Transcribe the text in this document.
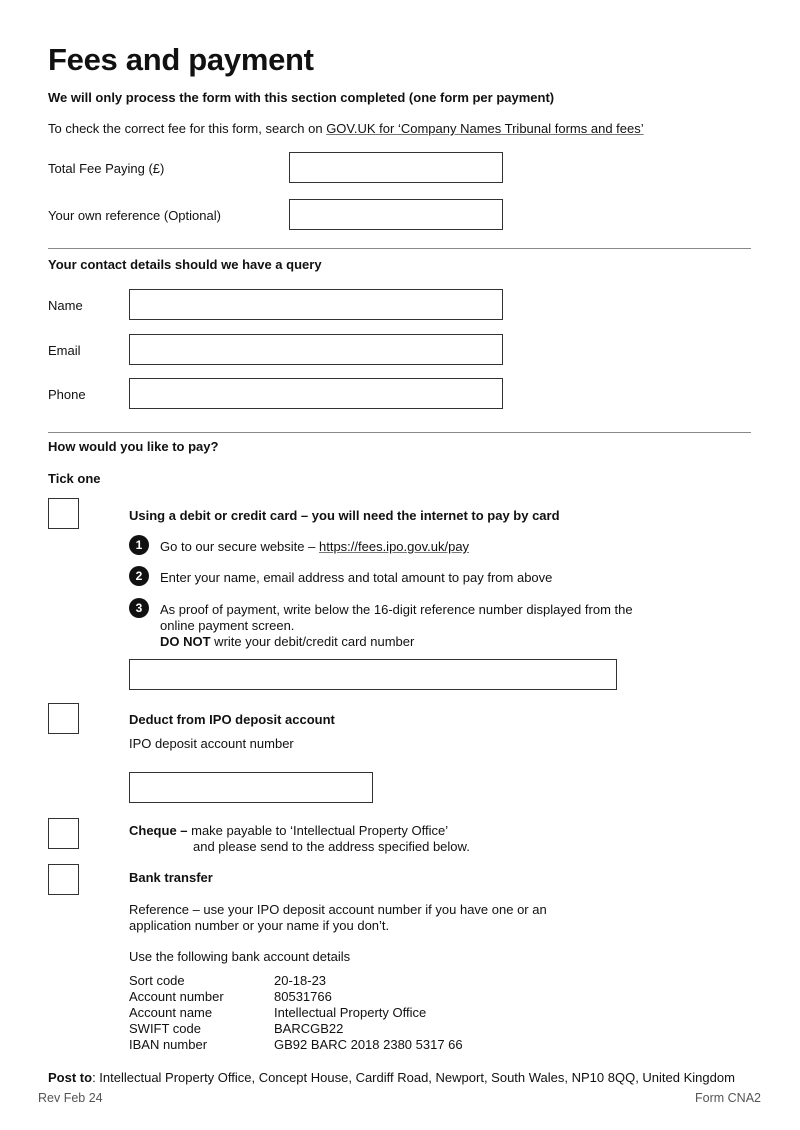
Fees and payment
We will only process the form with this section completed (one form per payment)
To check the correct fee for this form, search on GOV.UK for ‘Company Names Tribunal forms and fees’
Total Fee Paying (£)
Your own reference (Optional)
Your contact details should we have a query
Name
Email
Phone
How would you like to pay?
Tick one
Using a debit or credit card – you will need the internet to pay by card
1	Go to our secure website – https://fees.ipo.gov.uk/pay
2	Enter your name, email address and total amount to pay from above
3	As proof of payment, write below the 16-digit reference number displayed from the
online payment screen.
DO NOT write your debit/credit card number
Deduct from IPO deposit account
IPO deposit account number
Cheque – make payable to ‘Intellectual Property Office’
and please send to the address specified below.
Bank transfer
Reference – use your IPO deposit account number if you have one or an
application number or your name if you don’t.
Use the following bank account details
Sort code	20-18-23
Account number	80531766
Account name	Intellectual Property Office
SWIFT code	BARCGB22
IBAN number	GB92 BARC 2018 2380 5317 66
Post to: Intellectual Property Office, Concept House, Cardiff Road, Newport, South Wales, NP10 8QQ, United Kingdom
Rev Feb 24	Form CNA2
